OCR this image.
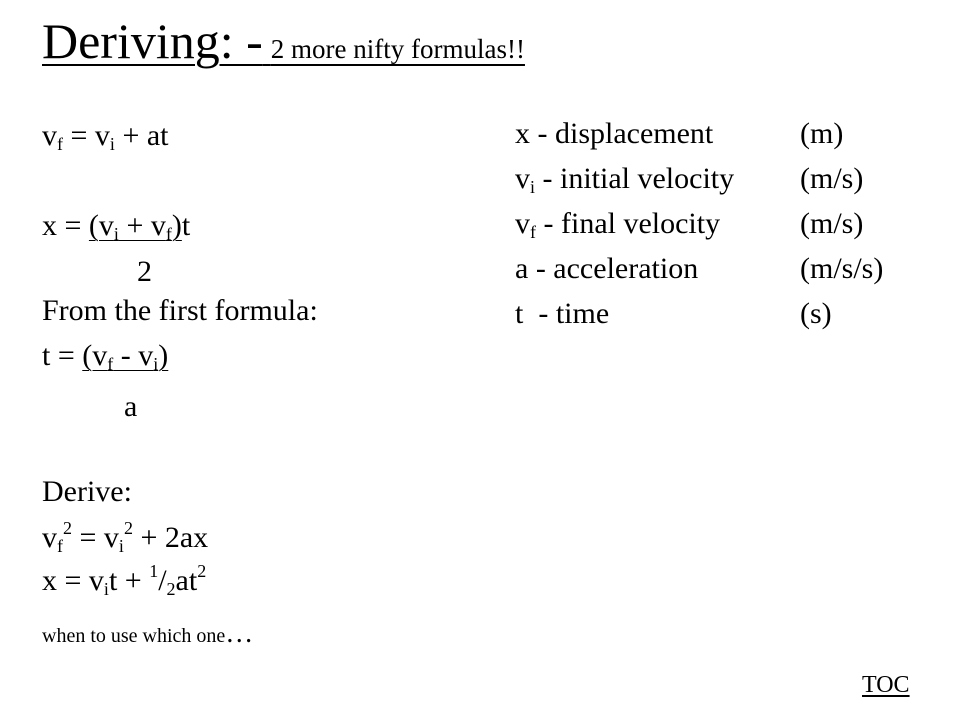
Deriving: - 2 more nifty formulas!!
$v_f = v_i$ + at
$x = (v_i + v_f)t$
2
From the first formula:
$t = (v_f - v_i)$
a
Derive:
$v_f^2 = v_i^2 + 2ax$
$x = v_it + ^1/_2at^2$
when to use which one…
x - displacement	(m)
$v_i$ - initial velocity (m/s)
$v_f$ - final velocity	(m/s)
a - acceleration	(m/s/s)
t  - time	(s)
TOC
